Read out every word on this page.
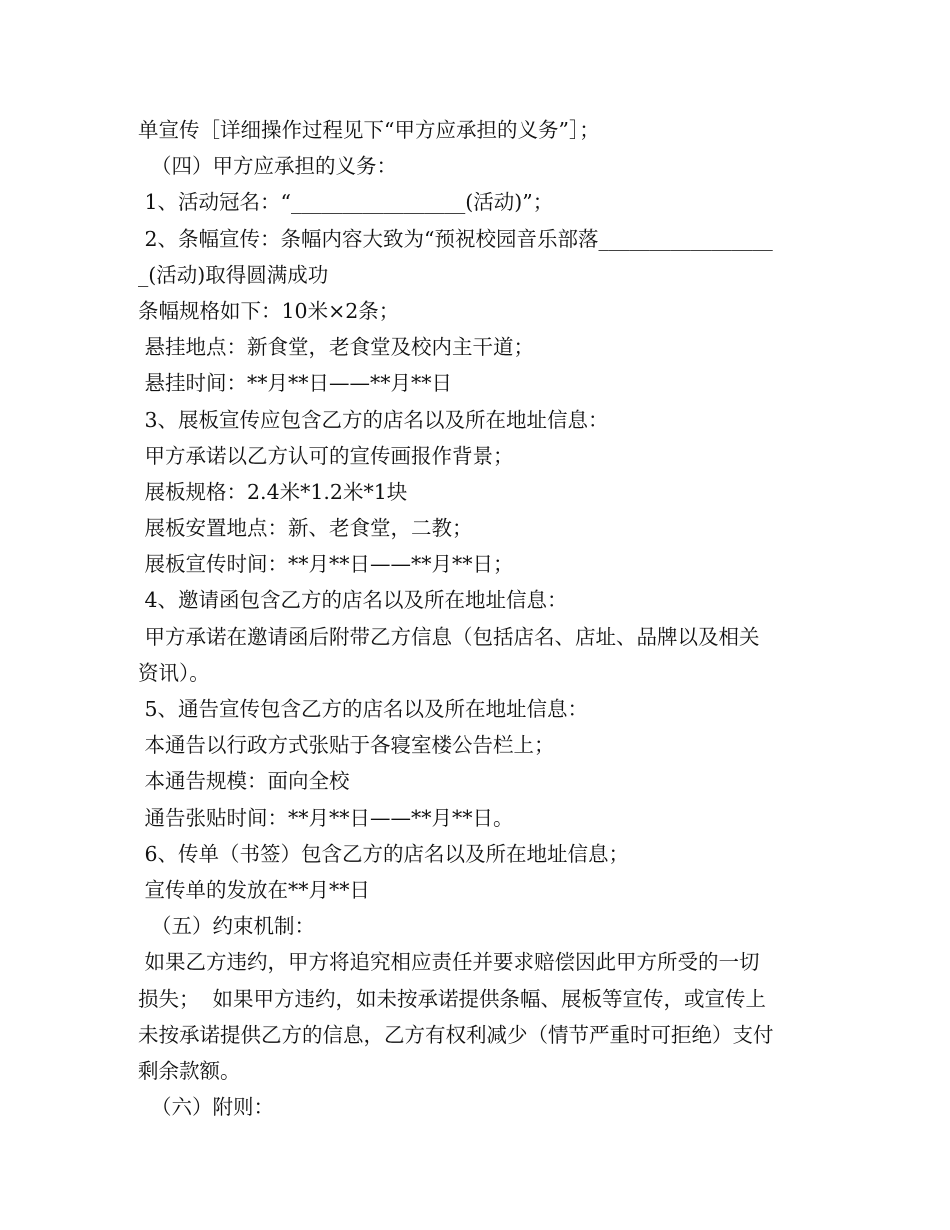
单宣传［详细操作过程见下“甲方应承担的义务”］；
（四）甲方应承担的义务：
1、活动冠名：“_________________(活动)”；
2、条幅宣传：条幅内容大致为“预祝校园音乐部落_________________
_(活动)取得圆满成功
条幅规格如下：10米×2条；
悬挂地点：新食堂，老食堂及校内主干道；
悬挂时间：**月**日——**月**日
3、展板宣传应包含乙方的店名以及所在地址信息：
甲方承诺以乙方认可的宣传画报作背景；
展板规格：2.4米*1.2米*1块
展板安置地点：新、老食堂，二教；
展板宣传时间：**月**日——**月**日；
4、邀请函包含乙方的店名以及所在地址信息：
甲方承诺在邀请函后附带乙方信息（包括店名、店址、品牌以及相关
资讯）。
5、通告宣传包含乙方的店名以及所在地址信息：
本通告以行政方式张贴于各寝室楼公告栏上；
本通告规模：面向全校
通告张贴时间：**月**日——**月**日。
6、传单（书签）包含乙方的店名以及所在地址信息；
宣传单的发放在**月**日
（五）约束机制：
如果乙方违约，甲方将追究相应责任并要求赔偿因此甲方所受的一切
损失；  如果甲方违约，如未按承诺提供条幅、展板等宣传，或宣传上
未按承诺提供乙方的信息，乙方有权利减少（情节严重时可拒绝）支付
剩余款额。
（六）附则：
